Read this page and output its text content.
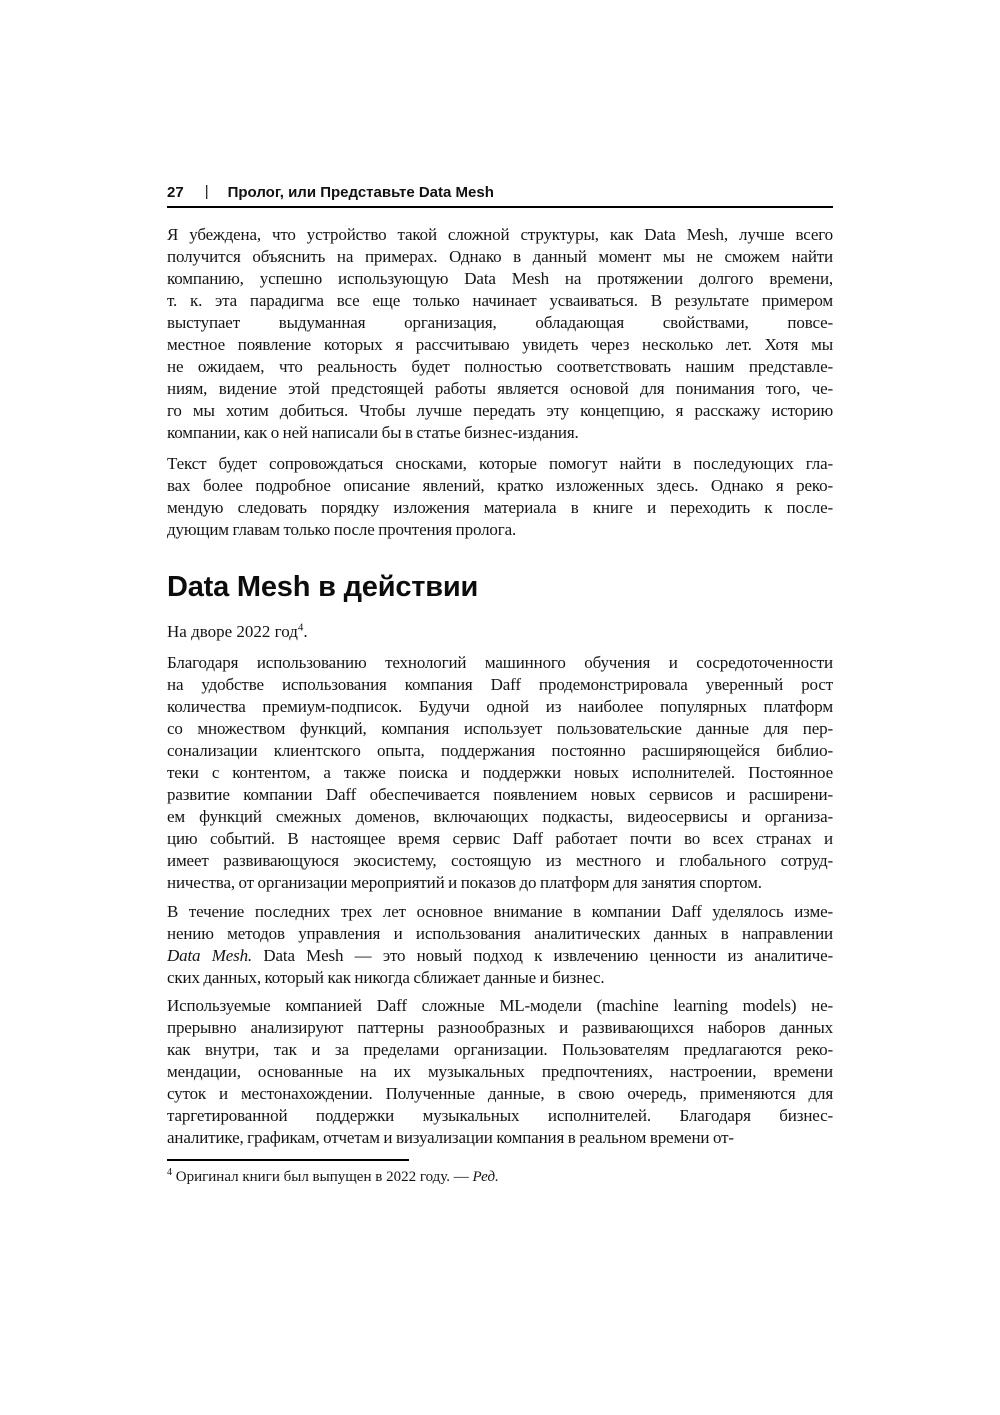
27 | Пролог, или Представьте Data Mesh
Я убеждена, что устройство такой сложной структуры, как Data Mesh, лучше всего
получится объяснить на примерах. Однако в данный момент мы не сможем найти
компанию, успешно использующую Data Mesh на протяжении долгого времени,
т. к. эта парадигма все еще только начинает усваиваться. В результате примером
выступает выдуманная организация, обладающая свойствами, повсе-
местное появление которых я рассчитываю увидеть через несколько лет. Хотя мы
не ожидаем, что реальность будет полностью соответствовать нашим представле-
ниям, видение этой предстоящей работы является основой для понимания того, че-
го мы хотим добиться. Чтобы лучше передать эту концепцию, я расскажу историю
компании, как о ней написали бы в статье бизнес-издания.
Текст будет сопровождаться сносками, которые помогут найти в последующих гла-
вах более подробное описание явлений, кратко изложенных здесь. Однако я реко-
мендую следовать порядку изложения материала в книге и переходить к после-
дующим главам только после прочтения пролога.
Data Mesh в действии
На дворе 2022 год$^4$.
Благодаря использованию технологий машинного обучения и сосредоточенности
на удобстве использования компания Daff продемонстрировала уверенный рост
количества премиум-подписок. Будучи одной из наиболее популярных платформ
со множеством функций, компания использует пользовательские данные для пер-
сонализации клиентского опыта, поддержания постоянно расширяющейся библио-
теки с контентом, а также поиска и поддержки новых исполнителей. Постоянное
развитие компании Daff обеспечивается появлением новых сервисов и расширени-
ем функций смежных доменов, включающих подкасты, видеосервисы и организа-
цию событий. В настоящее время сервис Daff работает почти во всех странах и
имеет развивающуюся экосистему, состоящую из местного и глобального сотруд-
ничества, от организации мероприятий и показов до платформ для занятия спортом.
В течение последних трех лет основное внимание в компании Daff уделялось изме-
нению методов управления и использования аналитических данных в направлении
Data Mesh. Data Mesh — это новый подход к извлечению ценности из аналитиче-
ских данных, который как никогда сближает данные и бизнес.
Используемые компанией Daff сложные ML-модели (machine learning models) не-
прерывно анализируют паттерны разнообразных и развивающихся наборов данных
как внутри, так и за пределами организации. Пользователям предлагаются реко-
мендации, основанные на их музыкальных предпочтениях, настроении, времени
суток и местонахождении. Полученные данные, в свою очередь, применяются для
таргетированной поддержки музыкальных исполнителей. Благодаря бизнес-
аналитике, графикам, отчетам и визуализации компания в реальном времени от-
$^4$ Оригинал книги был выпущен в 2022 году. — Ред.
